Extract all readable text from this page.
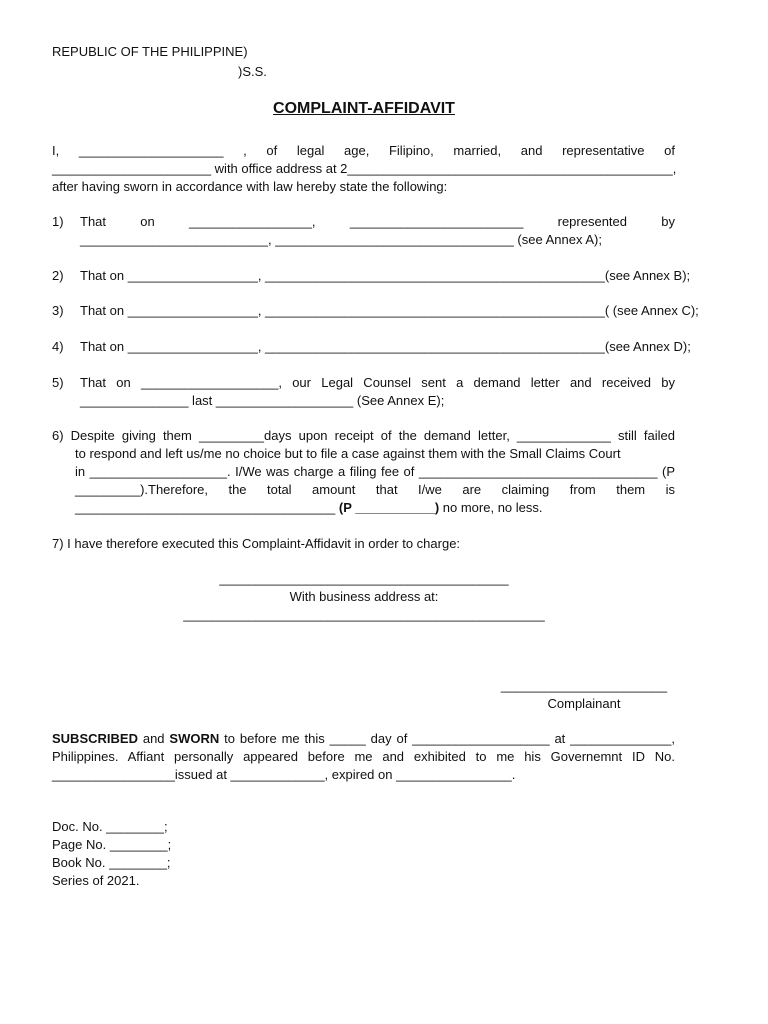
REPUBLIC OF THE PHILIPPINE)
)S.S.
COMPLAINT-AFFIDAVIT
I, ____________________ , of legal age, Filipino, married, and representative of
______________________ with office address at 2_____________________________________________,
after having sworn in accordance with law hereby state the following:
1)	That on _________________, ________________________ represented by
__________________________, _________________________________ (see Annex A);
2)	That on __________________, _______________________________________________(see Annex B);
3)	That on __________________, _______________________________________________( (see Annex C);
4)	That on __________________, _______________________________________________(see Annex D);
5)	That on ___________________, our Legal Counsel sent a demand letter and received by
_______________ last ___________________ (See Annex E);
6) Despite giving them _________days upon receipt of the demand letter, _____________ still failed
to respond and left us/me no choice but to file a case against them with the Small Claims Court
in ___________________. I/We was charge a filing fee of _________________________________ (P
_________).Therefore, the total amount that I/we are claiming from them is
____________________________________ (P ___________) no more, no less.
7) I have therefore executed this Complaint-Affidavit in order to charge:
________________________________________
With business address at:
__________________________________________________
_______________________
Complainant
SUBSCRIBED and SWORN to before me this _____ day of ___________________ at ______________,
Philippines. Affiant personally appeared before me and exhibited to me his Governemnt ID No.
_________________issued at _____________, expired on ________________.
Doc. No. ________;
Page No. ________;
Book No. ________;
Series of 2021.
